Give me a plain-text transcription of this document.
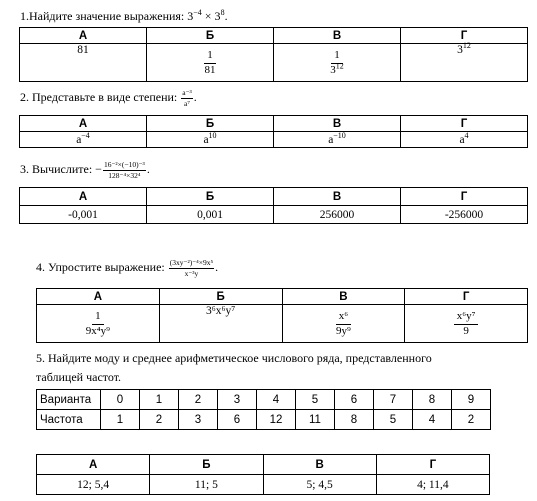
1.Найдите значение выражения: $3^{-4} \times 3^8$.
А	Б	В	Г
81	$\frac{1}{81}$	$\frac{1}{3^{12}}$	$3^{12}$
2. Представьте в виде степени: $\frac{\text{a⁻³}}{\text{a⁷}}$ .
А	Б	В	Г
$a^{-4}$	$a^{10}$	$a^{-10}$	$a^4$
3. Вычислите: − $\frac{\text{16⁻²×(−10)⁻³}}{\text{128⁻⁴×32⁴}}$ .
А	Б	В	Г
-0,001	0,001	256000	-256000
4. Упростите выражение: $\frac{\text{(3xy⁻²)⁻⁴×9x⁵}}{\text{x⁻³y}}$ .
А	Б	В	Г

$\frac{1}{\text{9x⁴y⁹}}$	3⁶x⁶y⁷	$\frac{\text{x⁶}}{\text{9y⁹}}$	$\frac{\text{x⁶y⁷}}{9}$
5. Найдите моду и среднее арифметическое числового ряда, представленного
таблицей частот.
Варианта	0	1	2	3	4	5	6	7	8	9
Частота	1	2	3	6	12	11	8	5	4	2
А	Б	В	Г
12; 5,4	11; 5	5; 4,5	4; 11,4
